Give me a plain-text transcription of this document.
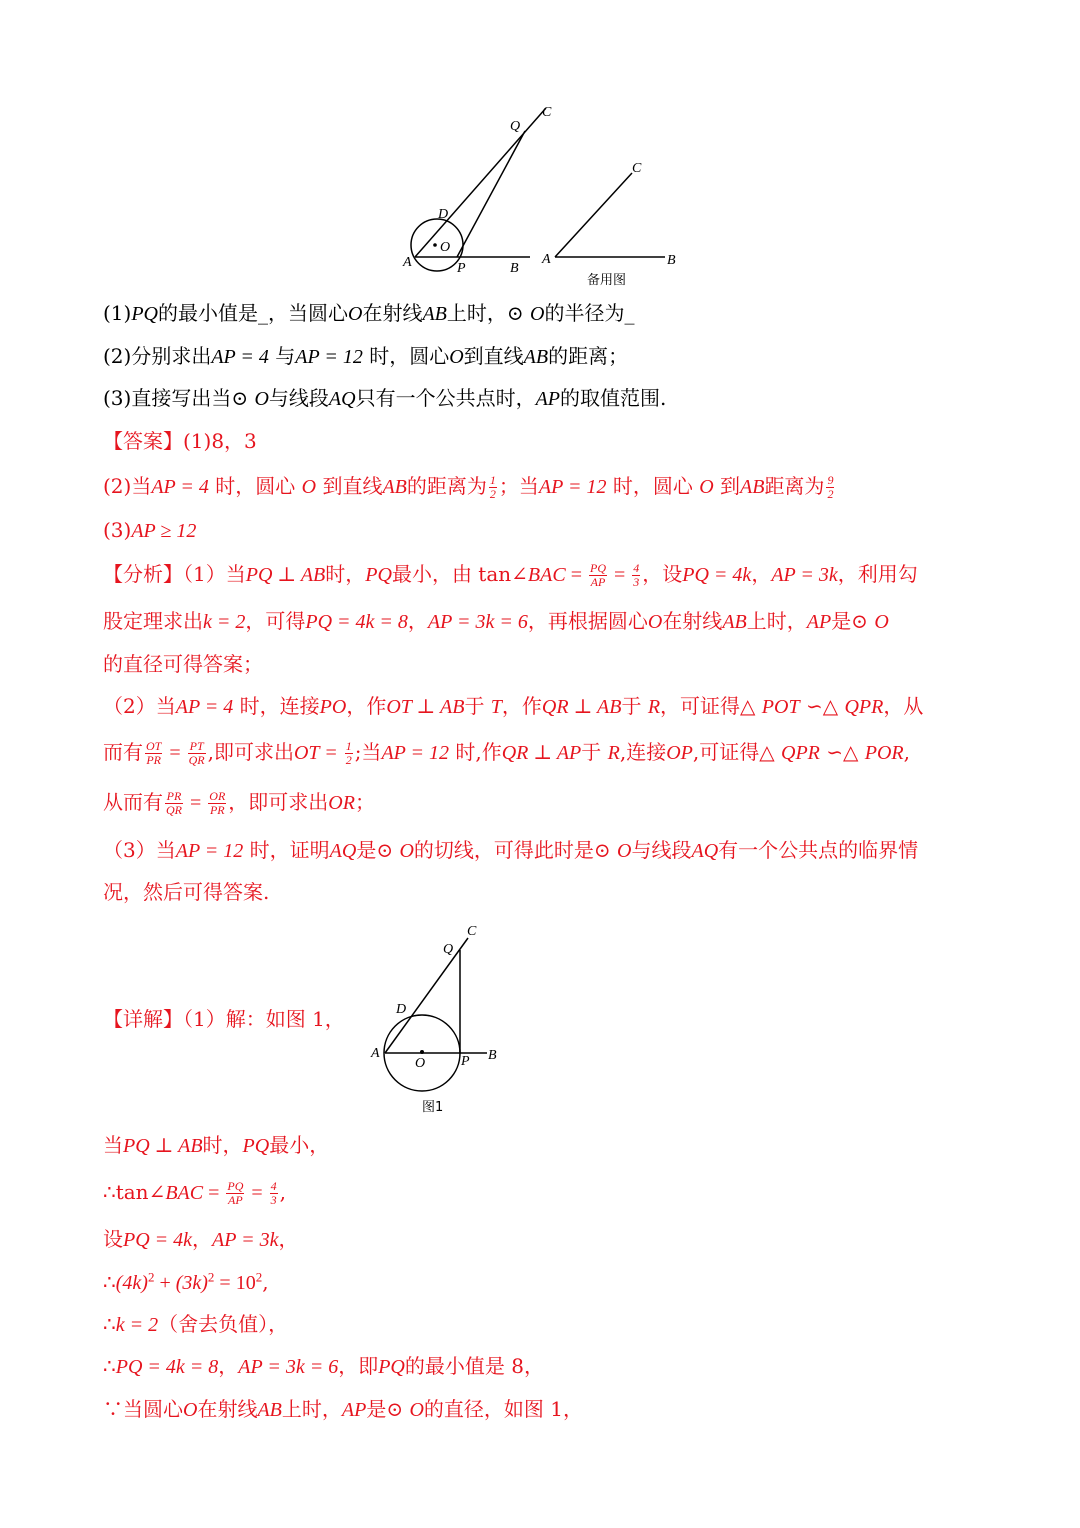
Q
C
D
O
A	P	B
C
A	B
备用图
(1)PQ的最小值是_，当圆心O在射线AB上时，⊙ O的半径为_
(2)分别求出AP = 4 与AP = 12 时，圆心O到直线AB的距离；
(3)直接写出当⊙ O与线段AQ只有一个公共点时，AP的取值范围.
【答案】(1)8，3
(2)当AP = 4 时，圆心 O 到直线AB的距离为 $\frac{1}{2}$ ；当AP = 12 时，圆心 O 到AB距离为 $\frac{9}{2}$
(3)AP ≥ 12
【分析】（1）当PQ ⊥ AB时，PQ最小，由 tan∠BAC = $\frac{PQ}{AP} = \frac{4}{3}$ ，设PQ = 4k，AP = 3k，利用勾
股定理求出k = 2，可得PQ = 4k = 8，AP = 3k = 6，再根据圆心O在射线AB上时，AP是⊙ O
的直径可得答案；
（2）当AP = 4 时，连接PO，作OT ⊥ AB于 T，作QR ⊥ AB于 R，可证得△ POT ∽△ QPR，从
而有 $\frac{OT}{PR} = \frac{PT}{QR}$ ,即可求出OT = $\frac{1}{2}$ ;当AP = 12 时,作QR ⊥ AP于 R,连接OP,可证得△ QPR ∽△ POR,
从而有 $\frac{PR}{QR} = \frac{OR}{PR}$ ，即可求出OR；
（3）当AP = 12 时，证明AQ是⊙ O的切线，可得此时是⊙ O与线段AQ有一个公共点的临界情
况，然后可得答案.
Q
C
D
A
O	P B
图1
【详解】（1）解：如图 1，
当PQ ⊥ AB时，PQ最小，
∴tan∠BAC = $\frac{PQ}{AP} = \frac{4}{3}$ ,
设PQ = 4k，AP = 3k，
$\therefore(4k)^2 + (3k)^2 = 10^2$,
∴k = 2（舍去负值），
∴PQ = 4k = 8，AP = 3k = 6，即PQ的最小值是 8，
∵当圆心O在射线AB上时，AP是⊙ O的直径，如图 1，
